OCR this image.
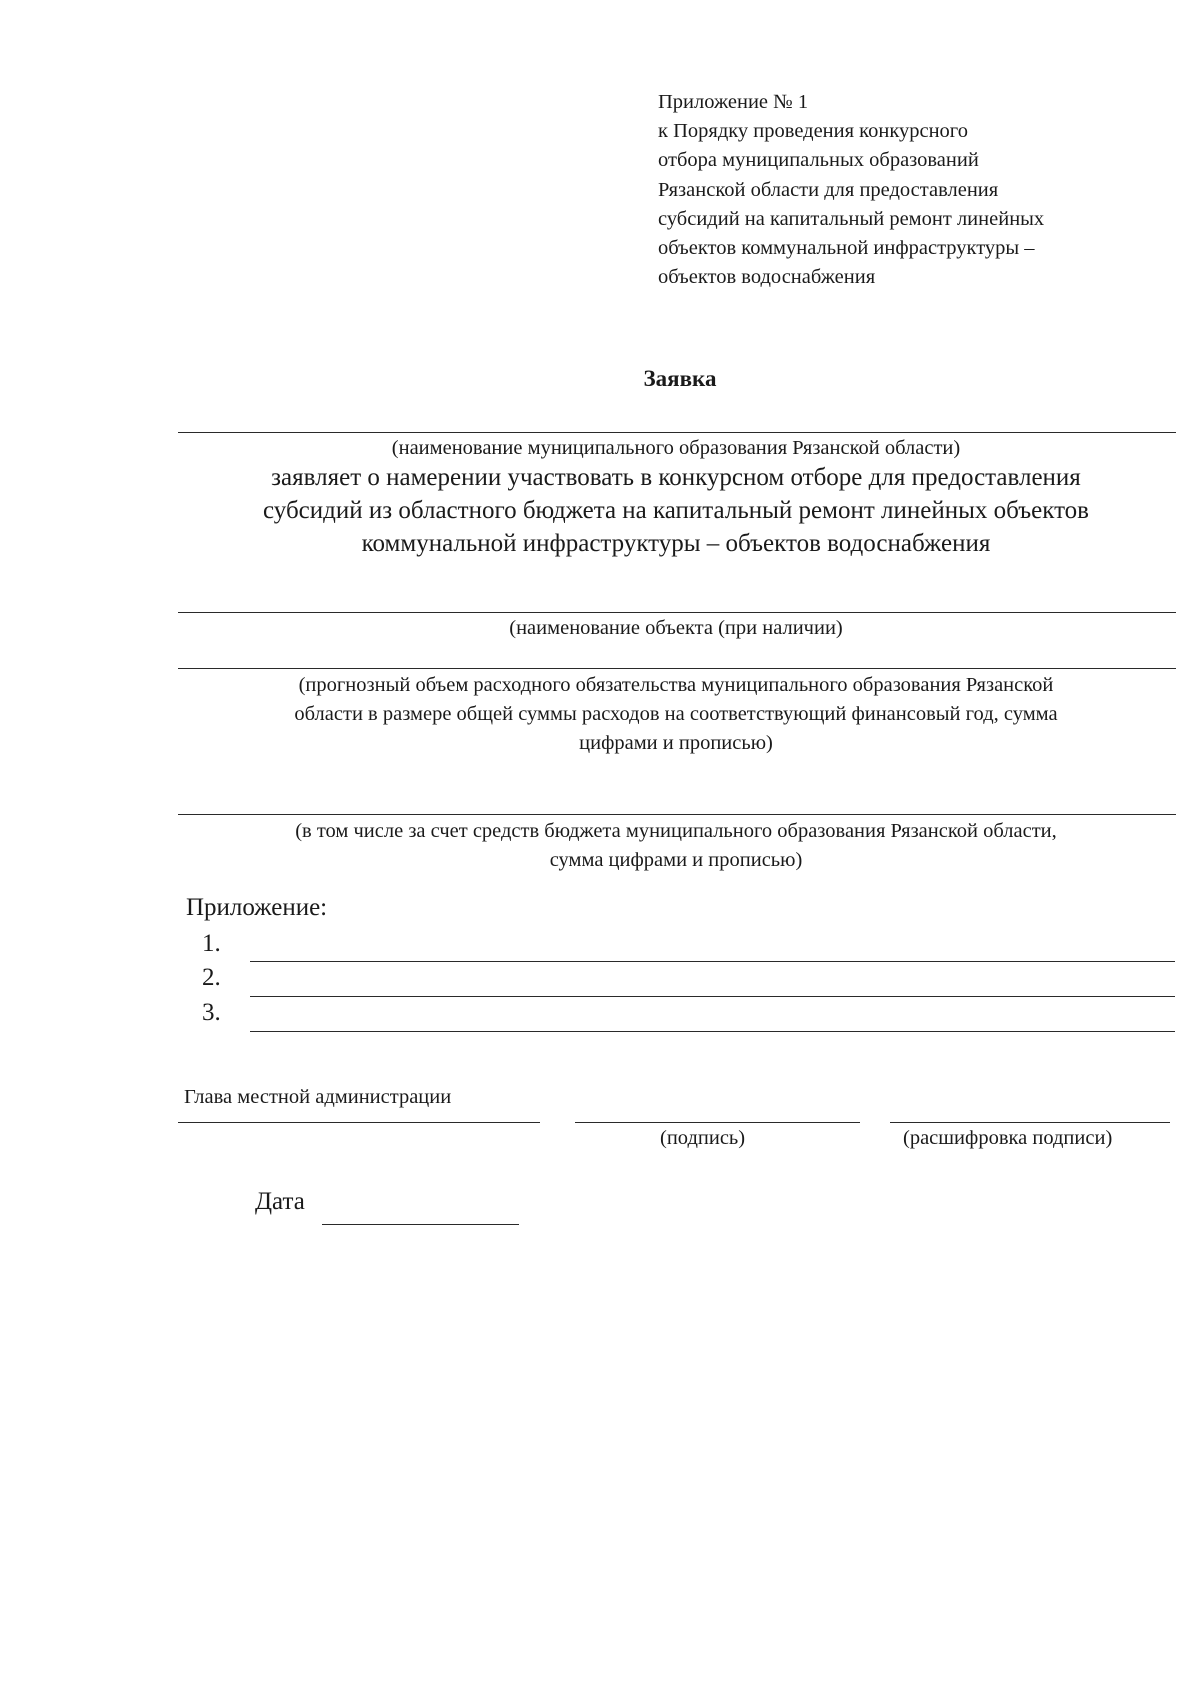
Приложение № 1
к Порядку проведения конкурсного
отбора муниципальных образований
Рязанской области для предоставления
субсидий на капитальный ремонт линейных
объектов коммунальной инфраструктуры –
объектов водоснабжения
Заявка
(наименование муниципального образования Рязанской области)
заявляет о намерении участвовать в конкурсном отборе для предоставления
субсидий из областного бюджета на капитальный ремонт линейных объектов
коммунальной инфраструктуры – объектов водоснабжения
(наименование объекта (при наличии)
(прогнозный объем расходного обязательства муниципального образования Рязанской
области в размере общей суммы расходов на соответствующий финансовый год, сумма
цифрами и прописью)
(в том числе за счет средств бюджета муниципального образования Рязанской области,
сумма цифрами и прописью)
Приложение:
1.
2.
3.
Глава местной администрации
(подпись)	(расшифровка подписи)
Дата
